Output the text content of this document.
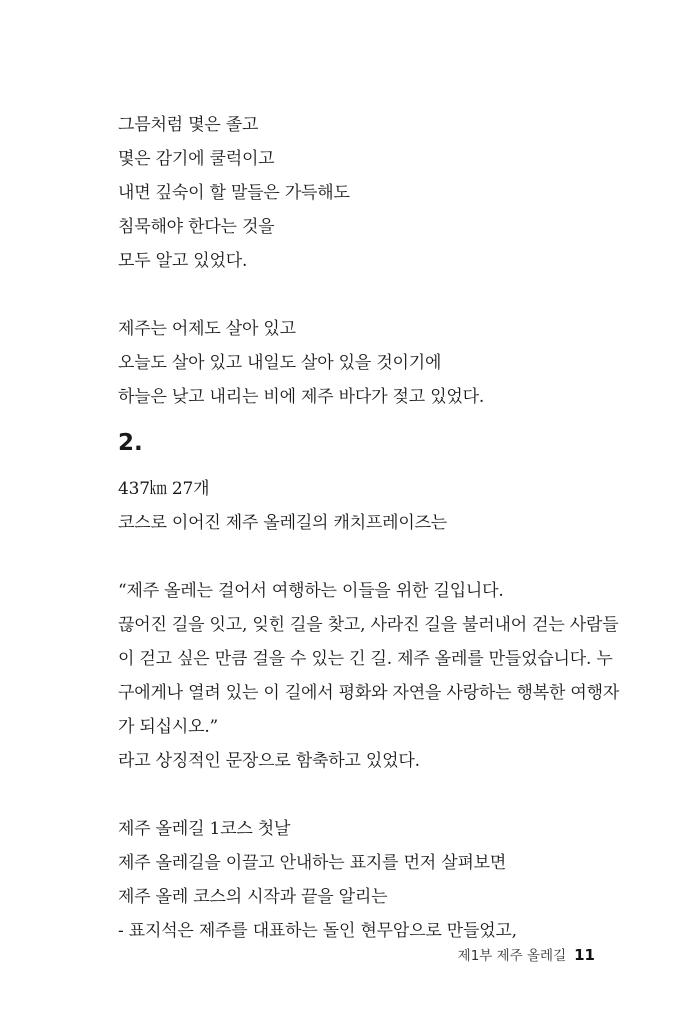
그믐처럼 몇은 졸고
몇은 감기에 쿨럭이고
내면 깊숙이 할 말들은 가득해도
침묵해야 한다는 것을
모두 알고 있었다.
제주는 어제도 살아 있고
오늘도 살아 있고 내일도 살아 있을 것이기에
하늘은 낮고 내리는 비에 제주 바다가 젖고 있었다.
2.
437㎞ 27개
코스로 이어진 제주 올레길의 캐치프레이즈는
“제주 올레는 걸어서 여행하는 이들을 위한 길입니다.
끊어진 길을 잇고, 잊힌 길을 찾고, 사라진 길을 불러내어 걷는 사람들
이 걷고 싶은 만큼 걸을 수 있는 긴 길. 제주 올레를 만들었습니다. 누
구에게나 열려 있는 이 길에서 평화와 자연을 사랑하는 행복한 여행자
가 되십시오.”
라고 상징적인 문장으로 함축하고 있었다.
제주 올레길 1코스 첫날
제주 올레길을 이끌고 안내하는 표지를 먼저 살펴보면
제주 올레 코스의 시작과 끝을 알리는
- 표지석은 제주를 대표하는 돌인 현무암으로 만들었고,
제1부 제주 올레길 11
